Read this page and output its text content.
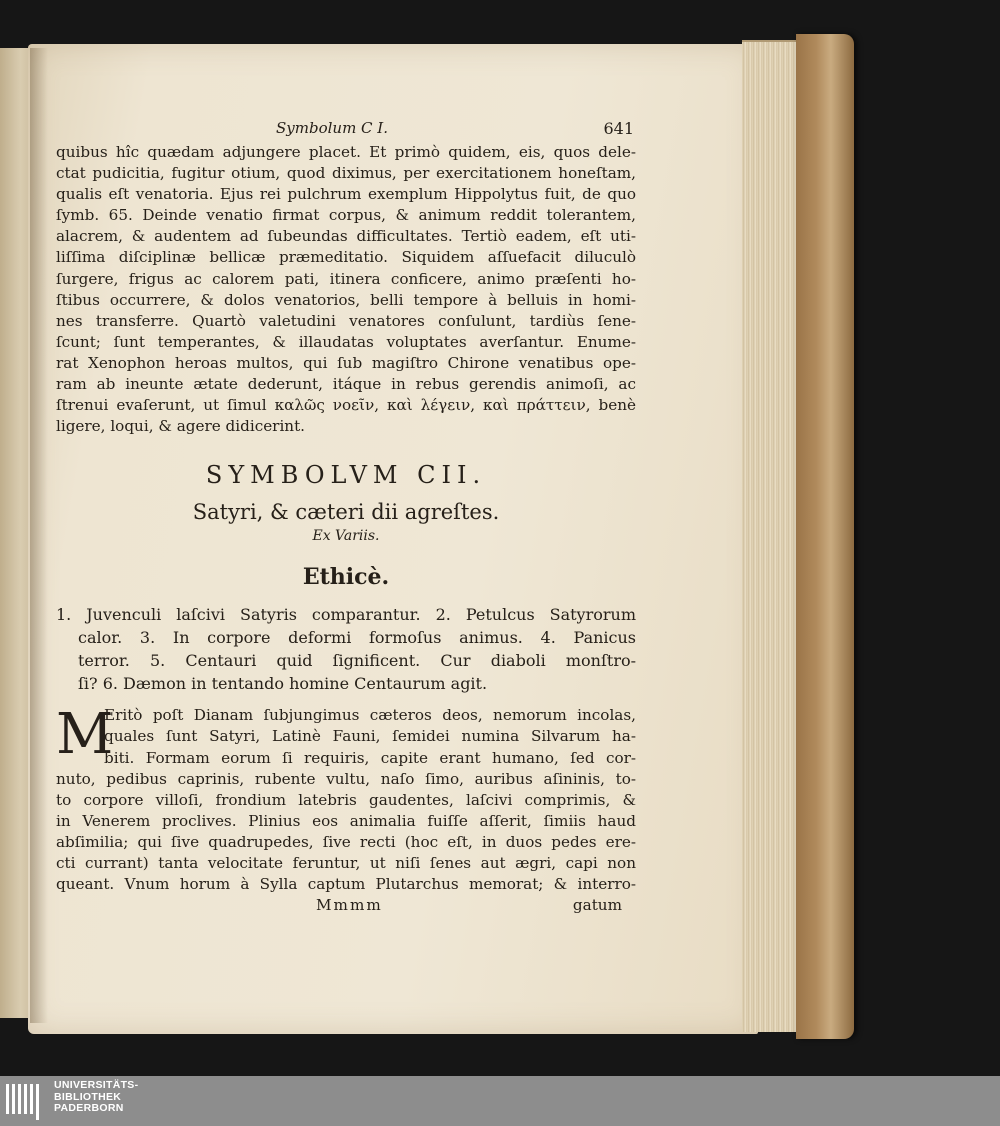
Symbolum C I.	641
quibus hîc quædam adjungere placet. Et primò quidem, eis, quos dele-
ctat pudicitia, fugitur otium, quod diximus, per exercitationem honeſtam,
qualis eſt venatoria. Ejus rei pulchrum exemplum Hippolytus fuit, de quo
ſymb. 65. Deinde venatio firmat corpus, & animum reddit tolerantem,
alacrem, & audentem ad ſubeundas difficultates. Tertiò eadem, eſt uti-
liſſima diſciplinæ bellicæ præmeditatio. Siquidem aſſuefacit diluculò
ſurgere, frigus ac calorem pati, itinera conficere, animo præſenti ho-
ſtibus occurrere, & dolos venatorios, belli tempore à belluis in homi-
nes transferre. Quartò valetudini venatores conſulunt, tardiùs ſene-
ſcunt; ſunt temperantes, & illaudatas voluptates averſantur. Enume-
rat Xenophon heroas multos, qui ſub magiſtro Chirone venatibus ope-
ram ab ineunte ætate dederunt, itáque in rebus gerendis animoſi, ac
ſtrenui evaſerunt, ut ſimul καλῶς νοεῖν, καὶ λέγειν, καὶ πράττειν, benè
ligere, loqui, & agere didicerint.
SYMBOLVM CII.
Satyri, & cæteri dii agreſtes.
Ex Variis.
Ethicè.
1. Juvenculi laſcivi Satyris comparantur. 2. Petulcus Satyrorum
calor. 3. In corpore deformi formoſus animus. 4. Panicus
terror. 5. Centauri quid ſignificent. Cur diaboli monſtro-
ſi? 6. Dæmon in tentando homine Centaurum agit.
M
Eritò poſt Dianam ſubjungimus cæteros deos, nemorum incolas,
quales ſunt Satyri, Latinè Fauni, ſemidei numina Silvarum ha-
biti. Formam eorum ſi requiris, capite erant humano, ſed cor-
nuto, pedibus caprinis, rubente vultu, naſo ſimo, auribus aſininis, to-
to corpore villoſi, frondium latebris gaudentes, laſcivi comprimis, &
in Venerem proclives. Plinius eos animalia fuiſſe aſſerit, ſimiis haud
abſimilia; qui ſive quadrupedes, ſive recti (hoc eſt, in duos pedes ere-
cti currant) tanta velocitate feruntur, ut niſi ſenes aut ægri, capi non
queant. Vnum horum à Sylla captum Plutarchus memorat; & interro-
Mmmm	gatum
UNIVERSITÄTS-
BIBLIOTHEK
PADERBORN
